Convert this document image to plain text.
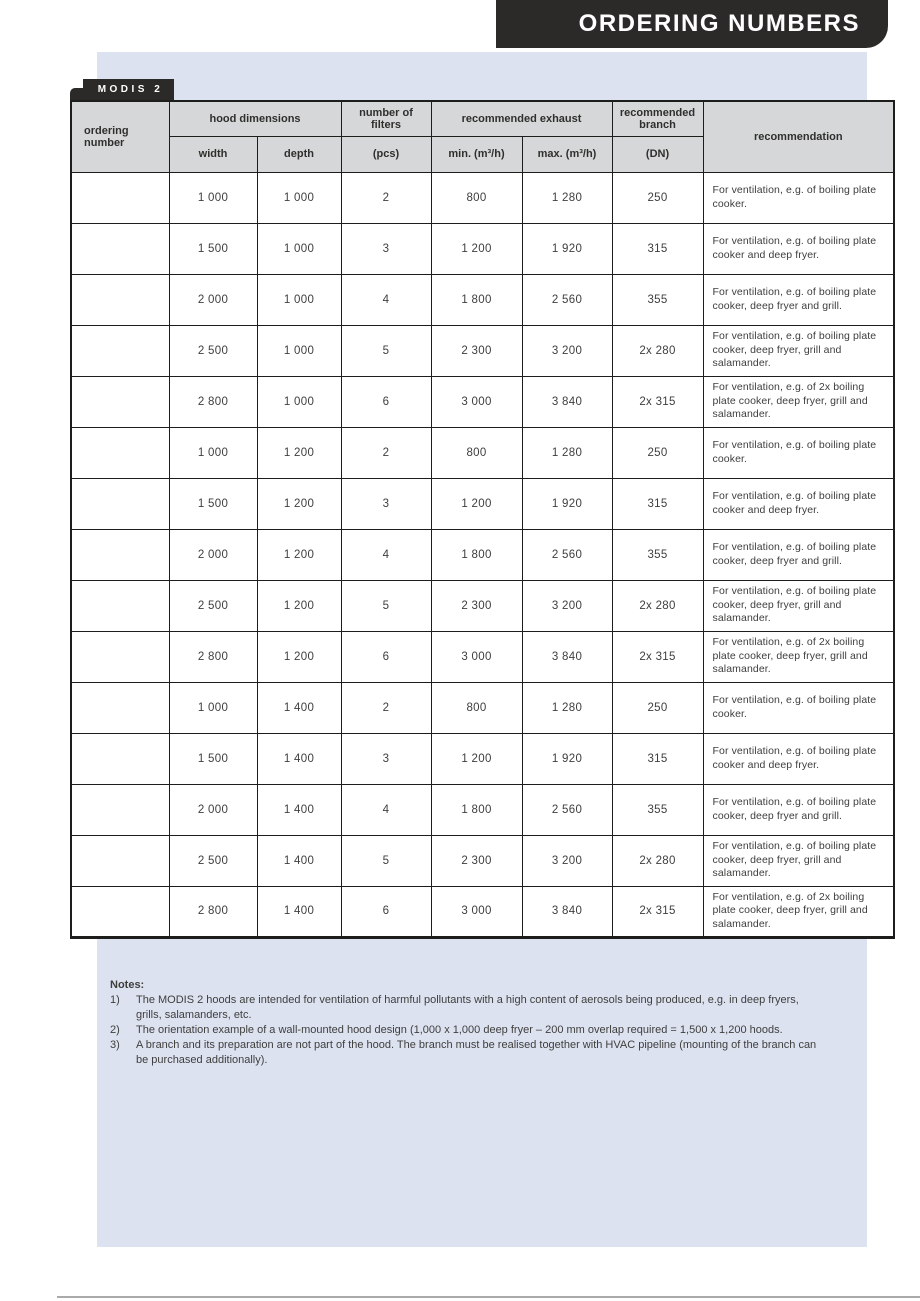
ORDERING NUMBERS
MODIS 2
ordering number	hood dimensions		number of filters	recommended exhaust		recommended branch	recommendation
	width	depth	(pcs)	min. (m³/h)	max. (m³/h)	(DN)	
	1 000	1 000	2	800	1 280	250	For ventilation, e.g. of boiling plate cooker.
	1 500	1 000	3	1 200	1 920	315	For ventilation, e.g. of boiling plate cooker and deep fryer.
	2 000	1 000	4	1 800	2 560	355	For ventilation, e.g. of boiling plate cooker, deep fryer and grill.
	2 500	1 000	5	2 300	3 200	2x 280	For ventilation, e.g. of boiling plate cooker, deep fryer, grill and salamander.
	2 800	1 000	6	3 000	3 840	2x 315	For ventilation, e.g. of 2x boiling plate cooker, deep fryer, grill and salamander.
	1 000	1 200	2	800	1 280	250	For ventilation, e.g. of boiling plate cooker.
	1 500	1 200	3	1 200	1 920	315	For ventilation, e.g. of boiling plate cooker and deep fryer.
	2 000	1 200	4	1 800	2 560	355	For ventilation, e.g. of boiling plate cooker, deep fryer and grill.
	2 500	1 200	5	2 300	3 200	2x 280	For ventilation, e.g. of boiling plate cooker, deep fryer, grill and salamander.
	2 800	1 200	6	3 000	3 840	2x 315	For ventilation, e.g. of 2x boiling plate cooker, deep fryer, grill and salamander.
	1 000	1 400	2	800	1 280	250	For ventilation, e.g. of boiling plate cooker.
	1 500	1 400	3	1 200	1 920	315	For ventilation, e.g. of boiling plate cooker and deep fryer.
	2 000	1 400	4	1 800	2 560	355	For ventilation, e.g. of boiling plate cooker, deep fryer and grill.
	2 500	1 400	5	2 300	3 200	2x 280	For ventilation, e.g. of boiling plate cooker, deep fryer, grill and salamander.
	2 800	1 400	6	3 000	3 840	2x 315	For ventilation, e.g. of 2x boiling plate cooker, deep fryer, grill and salamander.
Notes:
1)	The MODIS 2 hoods are intended for ventilation of harmful pollutants with a high content of aerosols being produced, e.g. in deep fryers, grills, salamanders, etc.
2)	The orientation example of a wall-mounted hood design (1,000 x 1,000 deep fryer – 200 mm overlap required = 1,500 x 1,200 hoods.
3)	A branch and its preparation are not part of the hood. The branch must be realised together with HVAC pipeline (mounting of the branch can be purchased additionally).
